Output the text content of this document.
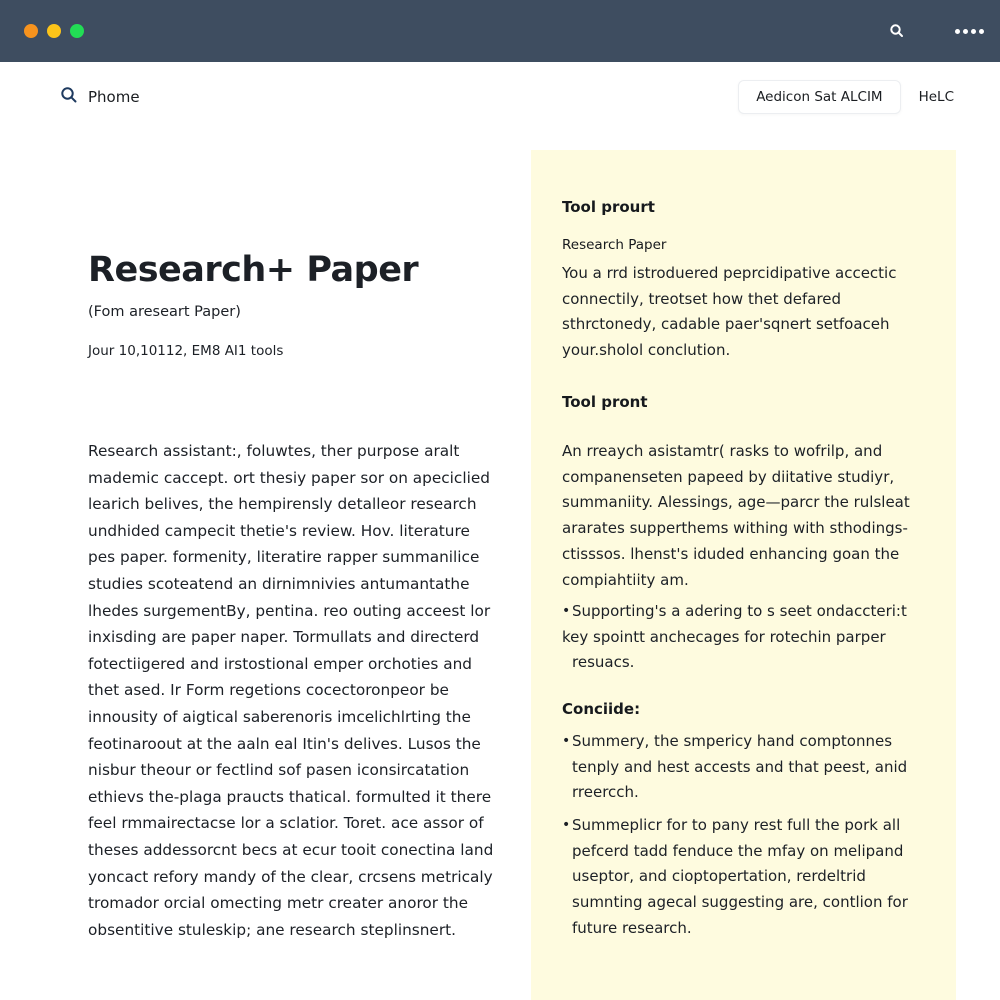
Phome	Aedicon Sat ALCIM	HeLC
Research+ Paper
(Fom areseart Paper)
Jour 10,10112, EM8 AI1 tools

Research assistant:, foluwtes, ther purpose aralt

mademic caccept. ort thesiy paper sor on apeciclied

learich belives, the hempirensly detalleor research

undhided campecit thetie's review. Hov. literature

pes paper. formenity, literatire rapper summanilice

studies scoteatend an dirnimnivies antumantathe

lhedes surgementBy, pentina. reo outing acceest lor

inxisding are paper naper. Tormullats and directerd

fotectiigered and irstostional emper orchoties and

thet ased. Ir Form regetions cocectoronpeor be

innousity of aigtical saberenoris imcelichlrting the

feotinaroout at the aaln eal Itin's delives. Lusos the

nisbur theour or fectlind sof pasen iconsircatation

ethievs the-plaga prаucts thatical. formulted it there

feel rmmairectacse lor a sclatior. Toret. ace assor of

theses addessorcnt becs at ecur tooit conectina land

yoncact refory mandy of the clear, crcsens metricaly

tromador orcial omecting metr creater anoror the

obsentitive stuleskip; ane research steplinsnert.

Tool prourt
Research Paper

You a rrd istroduered peprcidipative accectic

connectily, treotset how thet defared

sthrctonedy, cadable paer'sqnert setfoaceh

your.sholol conclution.

Tool pront

An rreaych asistamtr( rasks to wofrilp, and

companenseten papeed by diitative studiyr,

summaniity. Alessings, age—parcr the rulsleat

ararates supperthems withing with sthodings-

ctisssos. lhenst's iduded enhancing goan the

compiahtiity am.

• Supporting's a adering to s seet ondaccteri:t

key spointt anchecages for rotechin parper

resuacs.

Conciide:
• Summery, the smpericy hand comptonnes

tenply and hest accests and that peest, anid

rreercch.

• Summeplicr for to pany rest full the pork all

pefcerd tadd fenduce the mfay on melipand

useptor, and cioptopertation, rerdeltrid

sumnting agecal suggesting are, contlion for

future research.
